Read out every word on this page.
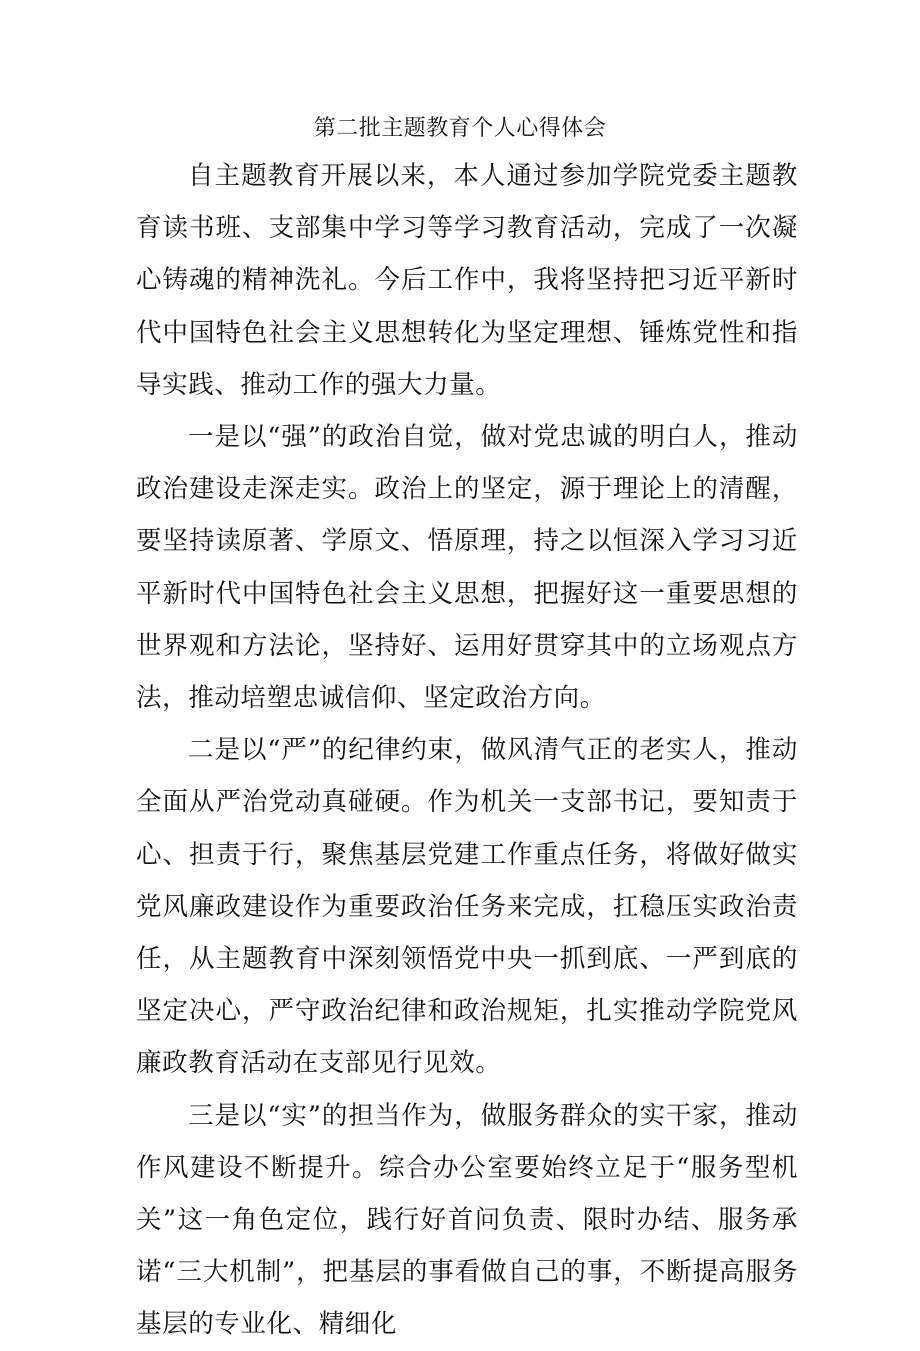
第二批主题教育个人心得体会

自主题教育开展以来，本人通过参加学院党委主题教育读书班、支部集中学习等学习教育活动，完成了一次凝心铸魂的精神洗礼。今后工作中，我将坚持把习近平新时代中国特色社会主义思想转化为坚定理想、锤炼党性和指导实践、推动工作的强大力量。

一是以“强”的政治自觉，做对党忠诚的明白人，推动政治建设走深走实。政治上的坚定，源于理论上的清醒，要坚持读原著、学原文、悟原理，持之以恒深入学习习近平新时代中国特色社会主义思想，把握好这一重要思想的世界观和方法论，坚持好、运用好贯穿其中的立场观点方法，推动培塑忠诚信仰、坚定政治方向。

二是以“严”的纪律约束，做风清气正的老实人，推动全面从严治党动真碰硬。作为机关一支部书记，要知责于心、担责于行，聚焦基层党建工作重点任务，将做好做实党风廉政建设作为重要政治任务来完成，扛稳压实政治责任，从主题教育中深刻领悟党中央一抓到底、一严到底的坚定决心，严守政治纪律和政治规矩，扎实推动学院党风廉政教育活动在支部见行见效。

三是以“实”的担当作为，做服务群众的实干家，推动作风建设不断提升。综合办公室要始终立足于“服务型机关”这一角色定位，践行好首问负责、限时办结、服务承诺“三大机制”，把基层的事看做自己的事，不断提高服务基层的专业化、精细化
